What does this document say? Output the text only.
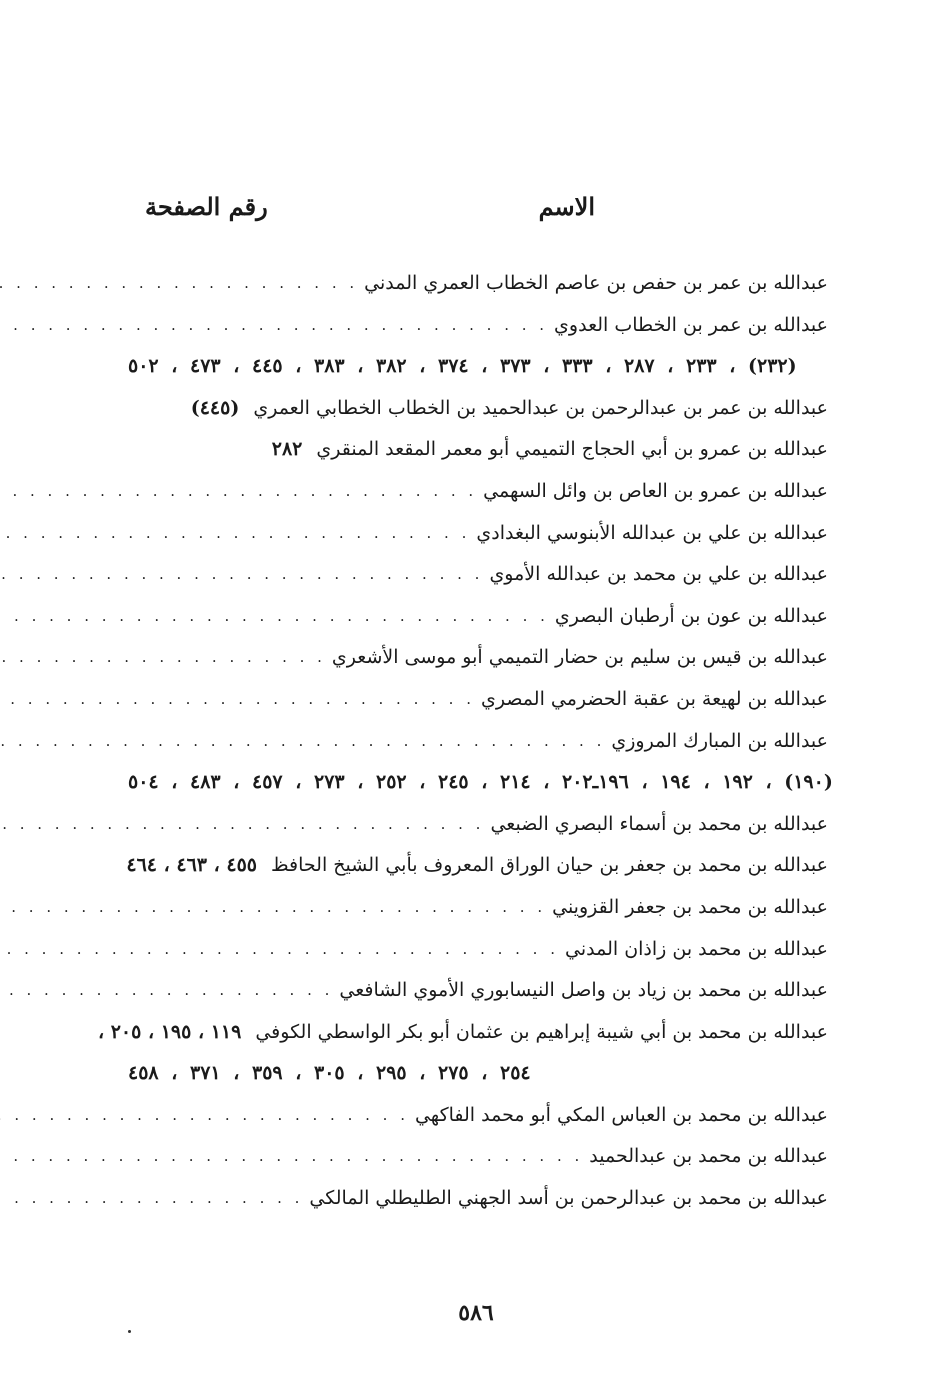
الاسم
رقم الصفحة
عبدالله بن عمر بن حفص بن عاصم الخطاب العمري المدني
. . .
عبدالله بن عمر بن الخطاب العدوي
. . .
(٢٣٢) ، ٢٣٣ ، ٢٨٧ ، ٣٣٣ ، ٣٧٣ ، ٣٧٤ ، ٣٨٢ ، ٣٨٣ ، ٤٤٥ ، ٤٧٣ ، ٥٠٢
عبدالله بن عمر بن عبدالرحمن بن عبدالحميد بن الخطاب الخطابي العمري
(٤٤٥)
عبدالله بن عمرو بن أبي الحجاج التميمي أبو معمر المقعد المنقري
٢٨٢
عبدالله بن عمرو بن العاص بن وائل السهمي
. . .
عبدالله بن علي بن عبدالله الأبنوسي البغدادي
. . .
عبدالله بن علي بن محمد بن عبدالله الأموي
. . .
عبدالله بن عون بن أرطبان البصري
. . .
عبدالله بن قيس بن سليم بن حضار التميمي أبو موسى الأشعري
. . .
عبدالله بن لهيعة بن عقبة الحضرمي المصري
. . .
عبدالله بن المبارك المروزي
. . .
(١٩٠) ، ١٩٢ ، ١٩٤ ، ١٩٦ـ٢٠٢ ، ٢١٤ ، ٢٤٥ ، ٢٥٢ ، ٢٧٣ ، ٤٥٧ ، ٤٨٣ ، ٥٠٤
عبدالله بن محمد بن أسماء البصري الضبعي
. . .
عبدالله بن محمد بن جعفر بن حيان الوراق المعروف بأبي الشيخ الحافظ
٤٥٥ ، ٤٦٣ ، ٤٦٤
عبدالله بن محمد بن جعفر القزويني
. . .
عبدالله بن محمد بن زاذان المدني
. . .
عبدالله بن محمد بن زياد بن واصل النيسابوري الأموي الشافعي
. . .
عبدالله بن محمد بن أبي شيبة إبراهيم بن عثمان أبو بكر الواسطي الكوفي
١١٩ ، ١٩٥ ، ٢٠٥ ،
٢٥٤ ، ٢٧٥ ، ٢٩٥ ، ٣٠٥ ، ٣٥٩ ، ٣٧١ ، ٤٥٨
عبدالله بن محمد بن العباس المكي أبو محمد الفاكهي
. . .
عبدالله بن محمد بن عبدالحميد
. . .
عبدالله بن محمد بن عبدالرحمن بن أسد الجهني الطليطلي المالكي
. . .
٥٨٦
